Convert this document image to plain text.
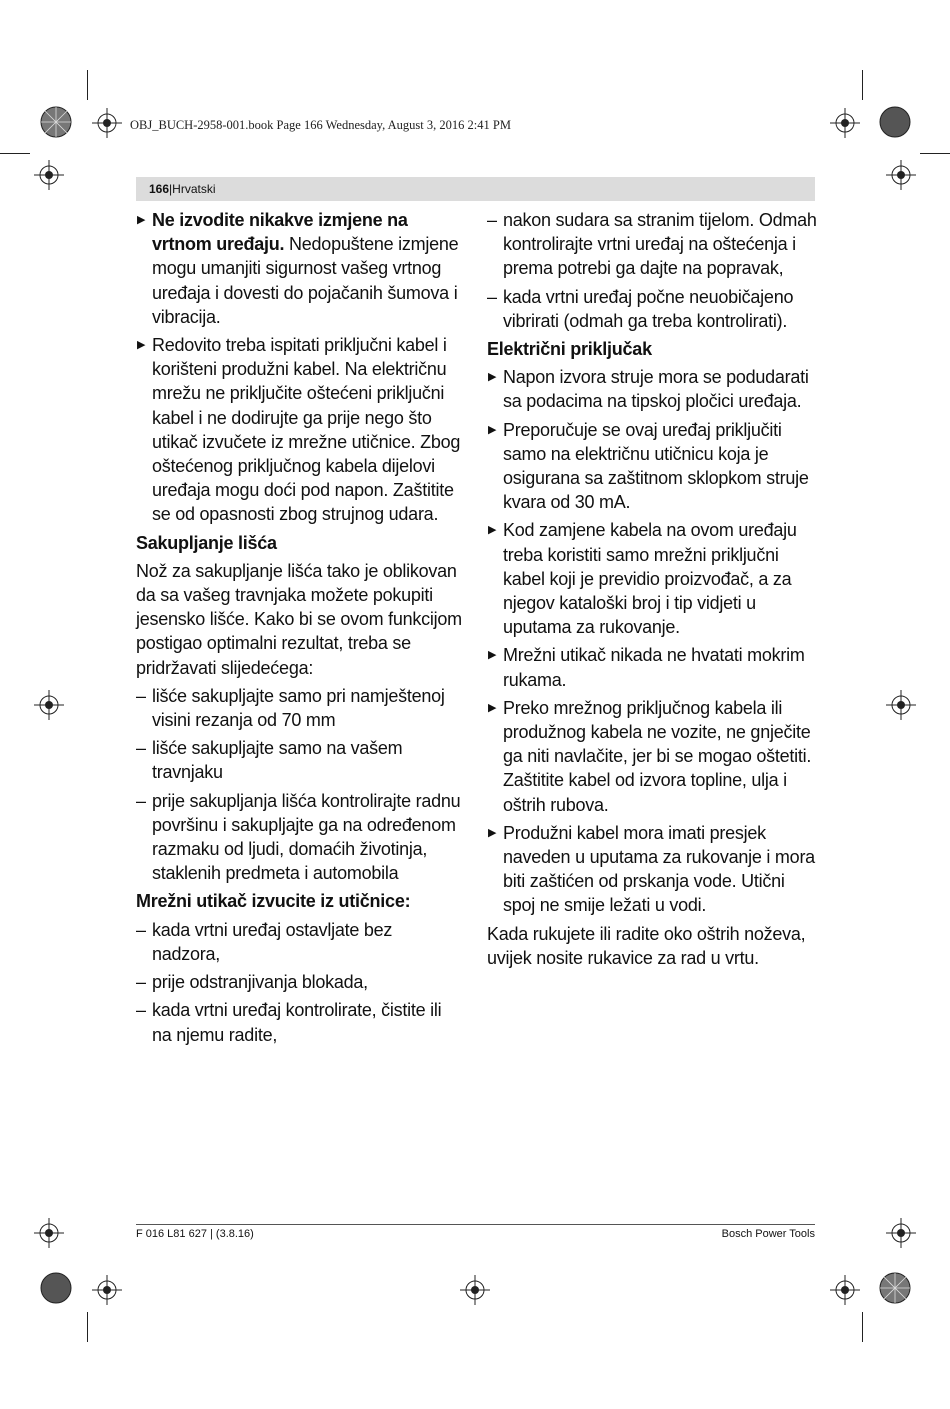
OBJ_BUCH-2958-001.book Page 166 Wednesday, August 3, 2016 2:41 PM
166|Hrvatski

▶ Ne izvodite nikakve izmjene na vrtnom uređaju. Nedopuštene izmjene mogu umanjiti sigurnost vašeg vrtnog uređaja i dovesti do pojačanih šumova i vibracija.

▶ Redovito treba ispitati priključni kabel i korišteni produžni kabel. Na električnu mrežu ne priključite oštećeni priključni kabel i ne dodirujte ga prije nego što utikač izvučete iz mrežne utičnice. Zbog oštećenog priključnog kabela dijelovi uređaja mogu doći pod napon. Zaštitite se od opasnosti zbog strujnog udara.

Sakupljanje lišća

Nož za sakupljanje lišća tako je oblikovan da sa vašeg travnjaka možete pokupiti jesensko lišće. Kako bi se ovom funkcijom postigao optimalni rezultat, treba se pridržavati slijedećega:

– lišće sakupljajte samo pri namještenoj visini rezanja od 70 mm

– lišće sakupljajte samo na vašem travnjaku

– prije sakupljanja lišća kontrolirajte radnu površinu i sakupljajte ga na određenom razmaku od ljudi, domaćih životinja, staklenih predmeta i automobila

Mrežni utikač izvucite iz utičnice:

– kada vrtni uređaj ostavljate bez nadzora,

– prije odstranjivanja blokada,

– kada vrtni uređaj kontrolirate, čistite ili na njemu radite,

– nakon sudara sa stranim tijelom. Odmah kontrolirajte vrtni uređaj na oštećenja i prema potrebi ga dajte na popravak,

– kada vrtni uređaj počne neuobičajeno vibrirati (odmah ga treba kontrolirati).

Električni priključak

▶ Napon izvora struje mora se podudarati sa podacima na tipskoj pločici uređaja.

▶ Preporučuje se ovaj uređaj priključiti samo na električnu utičnicu koja je osigurana sa zaštitnom sklopkom struje kvara od 30 mA.

▶ Kod zamjene kabela na ovom uređaju treba koristiti samo mrežni priključni kabel koji je previdio proizvođač, a za njegov kataloški broj i tip vidjeti u uputama za rukovanje.

▶ Mrežni utikač nikada ne hvatati mokrim rukama.

▶ Preko mrežnog priključnog kabela ili produžnog kabela ne vozite, ne gnječite ga niti navlačite, jer bi se mogao oštetiti. Zaštitite kabel od izvora topline, ulja i oštrih rubova.

▶ Produžni kabel mora imati presjek naveden u uputama za rukovanje i mora biti zaštićen od prskanja vode. Utični spoj ne smije ležati u vodi.

Kada rukujete ili radite oko oštrih noževa, uvijek nosite rukavice za rad u vrtu.

F 016 L81 627 | (3.8.16)	Bosch Power Tools
